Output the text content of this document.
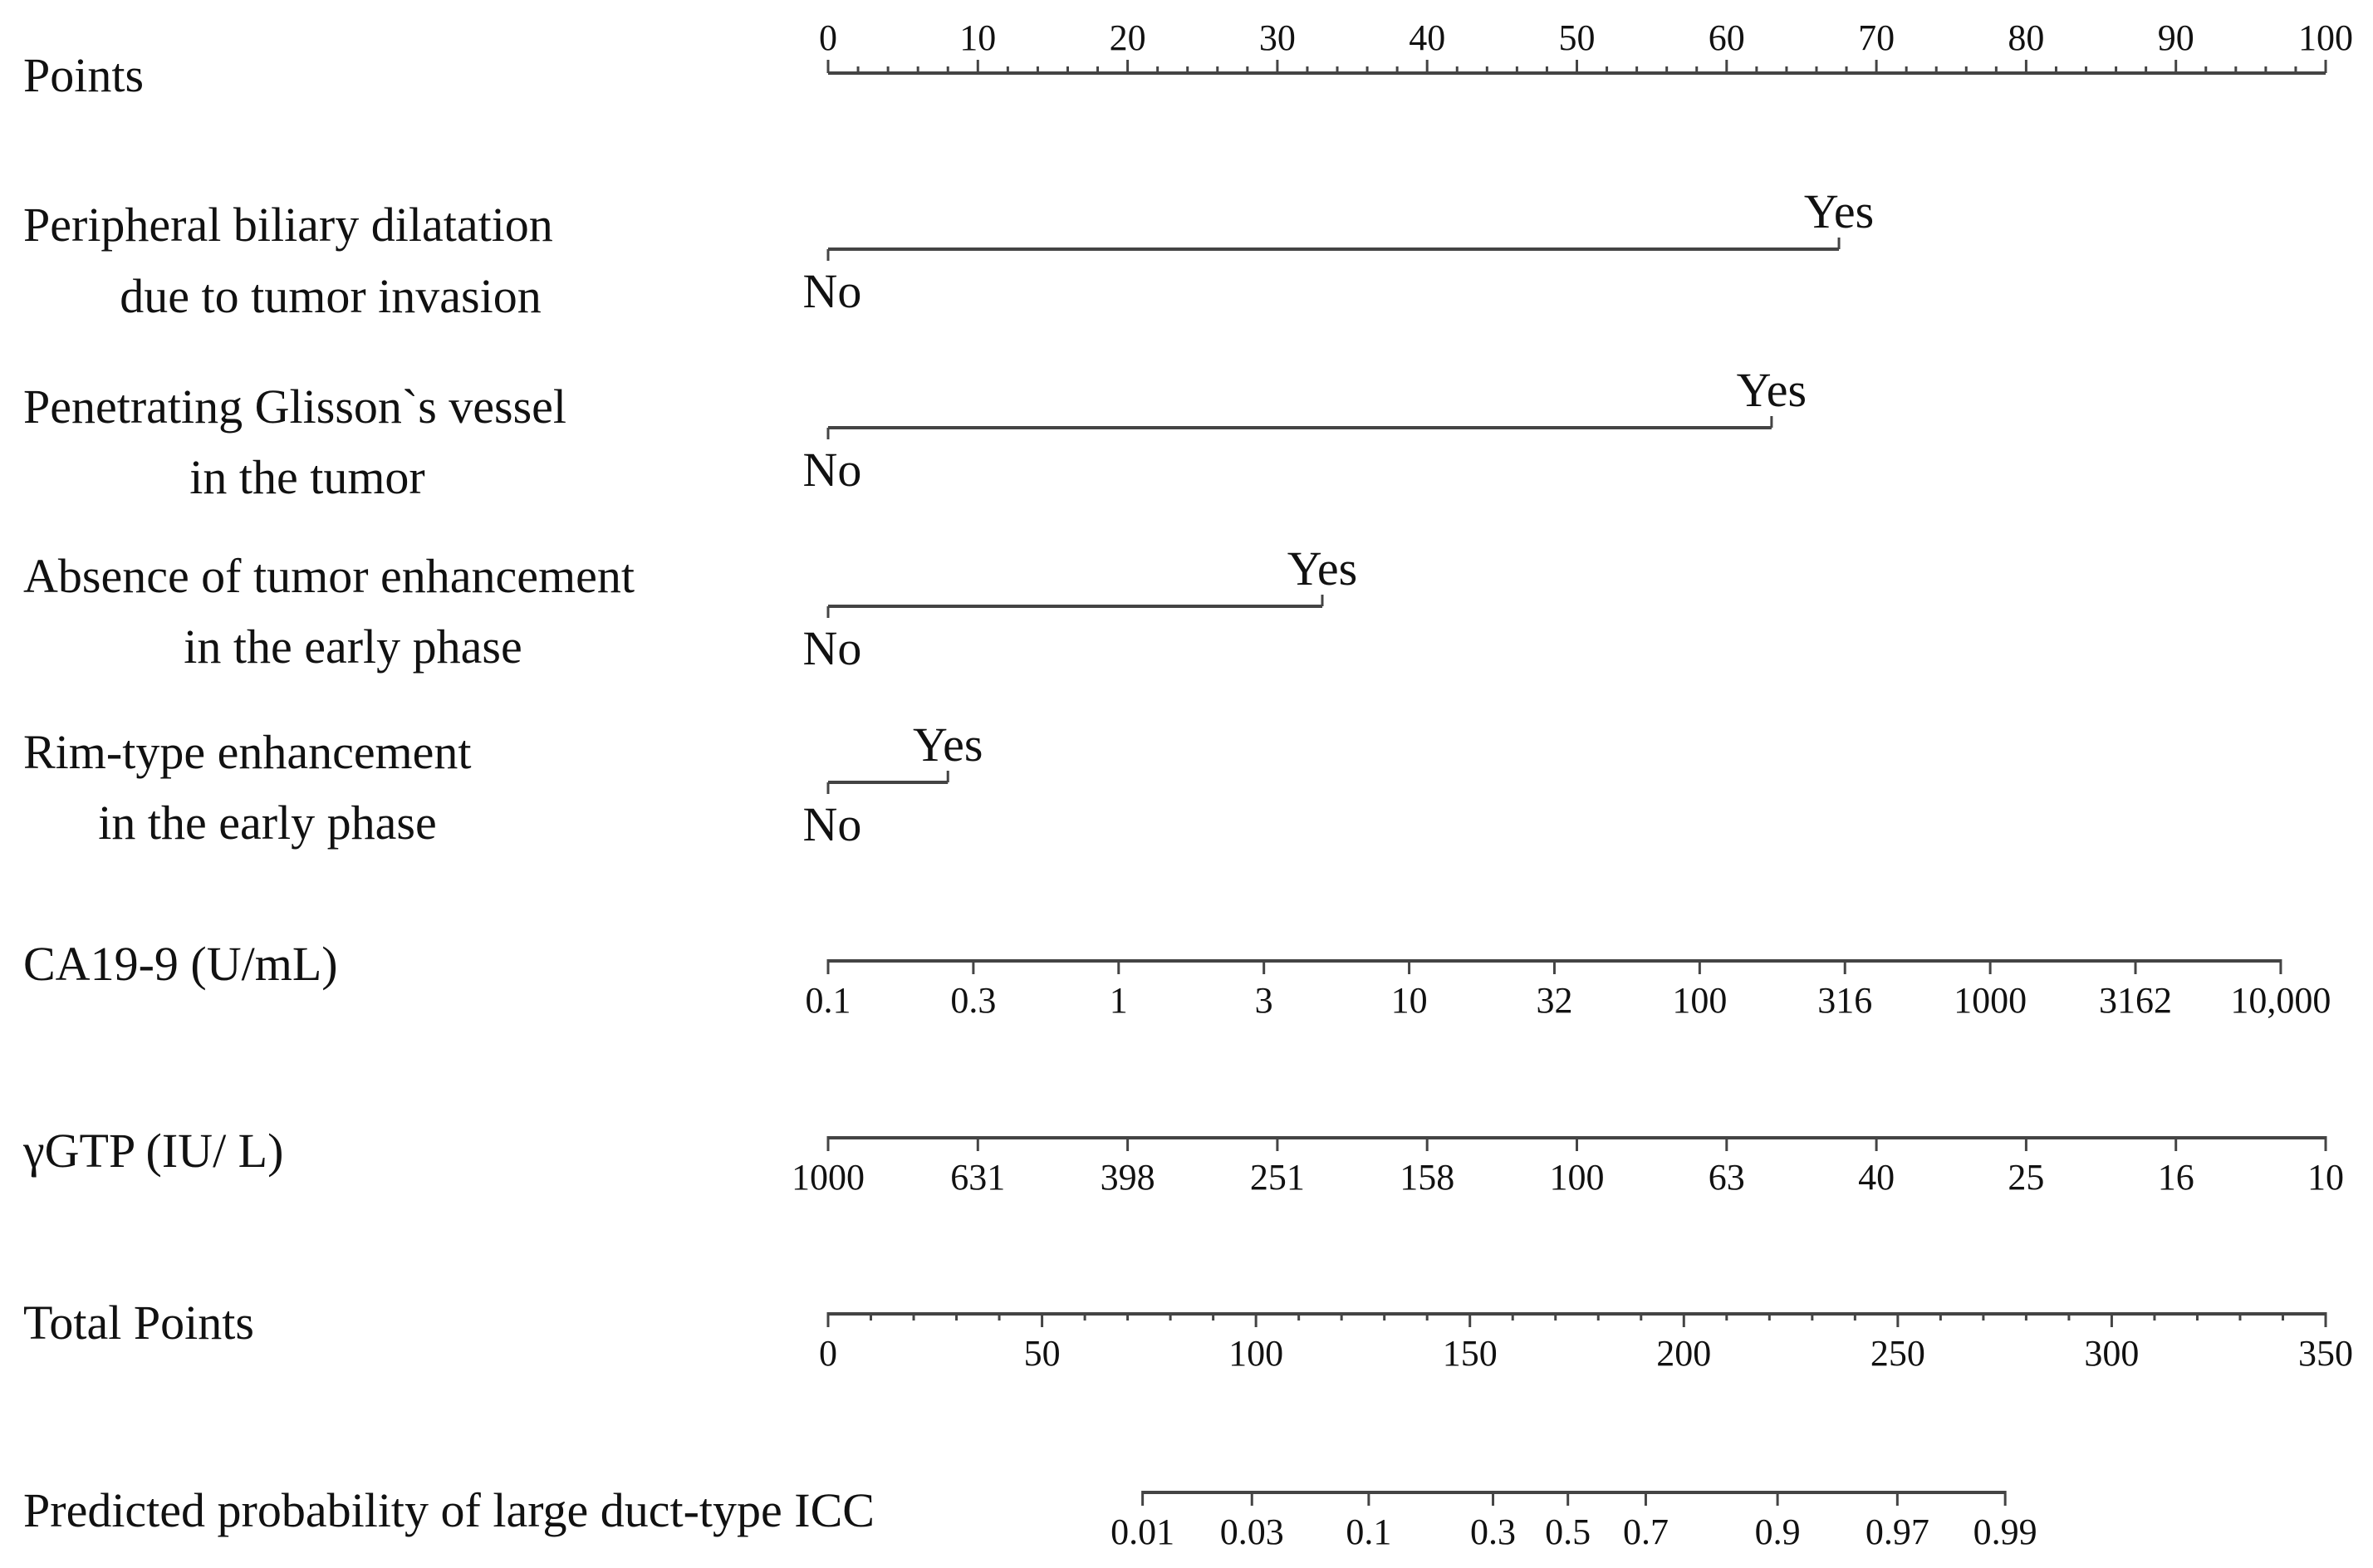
Points
0	10	20	30	40	50	60	70	80	90	100
Peripheral biliary dilatation
due to tumor invasion	No
Yes
Penetrating Glisson`s vessel
in the tumor	No
Yes
Absence of tumor enhancement
in the early phase	No
Yes
Rim-type enhancement
in the early phase	No
Yes
CA19-9 (U/mL)
0.1	0.3	1	3	10	32	100 316 1000 3162 10,000
γGTP (IU/ L)	1000 631	398	251	158	100	63	40	25	16	10
Total Points
0	50	100	150	200	250	300	350
Predicted probability of large duct-type ICC	0.01 0.03 0.1 0.3 0.5 0.7 0.9 0.97 0.99
